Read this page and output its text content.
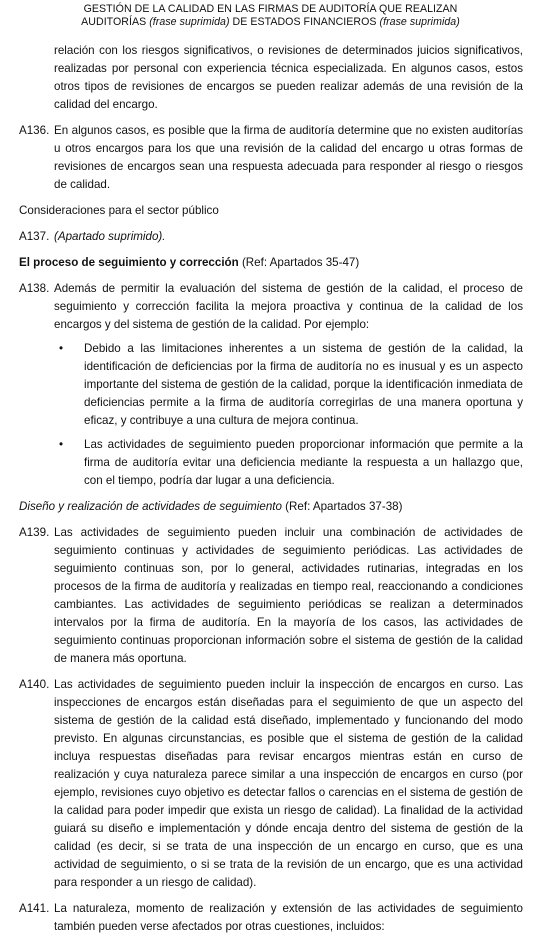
GESTIÓN DE LA CALIDAD EN LAS FIRMAS DE AUDITORÍA QUE REALIZAN
AUDITORÍAS (frase suprimida) DE ESTADOS FINANCIEROS (frase suprimida)

relación con los riesgos significativos, o revisiones de determinados juicios significativos, realizadas por personal con experiencia técnica especializada. En algunos casos, estos otros tipos de revisiones de encargos se pueden realizar además de una revisión de la calidad del encargo.

A136. En algunos casos, es posible que la firma de auditoría determine que no existen auditorías u otros encargos para los que una revisión de la calidad del encargo u otras formas de revisiones de encargos sean una respuesta adecuada para responder al riesgo o riesgos de calidad.

Consideraciones para el sector público

A137. (Apartado suprimido).

El proceso de seguimiento y corrección (Ref: Apartados 35-47)

A138. Además de permitir la evaluación del sistema de gestión de la calidad, el proceso de seguimiento y corrección facilita la mejora proactiva y continua de la calidad de los encargos y del sistema de gestión de la calidad. Por ejemplo:

• Debido a las limitaciones inherentes a un sistema de gestión de la calidad, la identificación de deficiencias por la firma de auditoría no es inusual y es un aspecto importante del sistema de gestión de la calidad, porque la identificación inmediata de deficiencias permite a la firma de auditoría corregirlas de una manera oportuna y eficaz, y contribuye a una cultura de mejora continua.

• Las actividades de seguimiento pueden proporcionar información que permite a la firma de auditoría evitar una deficiencia mediante la respuesta a un hallazgo que, con el tiempo, podría dar lugar a una deficiencia.

Diseño y realización de actividades de seguimiento (Ref: Apartados 37-38)

A139. Las actividades de seguimiento pueden incluir una combinación de actividades de seguimiento continuas y actividades de seguimiento periódicas. Las actividades de seguimiento continuas son, por lo general, actividades rutinarias, integradas en los procesos de la firma de auditoría y realizadas en tiempo real, reaccionando a condiciones cambiantes. Las actividades de seguimiento periódicas se realizan a determinados intervalos por la firma de auditoría. En la mayoría de los casos, las actividades de seguimiento continuas proporcionan información sobre el sistema de gestión de la calidad de manera más oportuna.

A140. Las actividades de seguimiento pueden incluir la inspección de encargos en curso. Las inspecciones de encargos están diseñadas para el seguimiento de que un aspecto del sistema de gestión de la calidad está diseñado, implementado y funcionando del modo previsto. En algunas circunstancias, es posible que el sistema de gestión de la calidad incluya respuestas diseñadas para revisar encargos mientras están en curso de realización y cuya naturaleza parece similar a una inspección de encargos en curso (por ejemplo, revisiones cuyo objetivo es detectar fallos o carencias en el sistema de gestión de la calidad para poder impedir que exista un riesgo de calidad). La finalidad de la actividad guiará su diseño e implementación y dónde encaja dentro del sistema de gestión de la calidad (es decir, si se trata de una inspección de un encargo en curso, que es una actividad de seguimiento, o si se trata de la revisión de un encargo, que es una actividad para responder a un riesgo de calidad).

A141. La naturaleza, momento de realización y extensión de las actividades de seguimiento también pueden verse afectados por otras cuestiones, incluidos:
